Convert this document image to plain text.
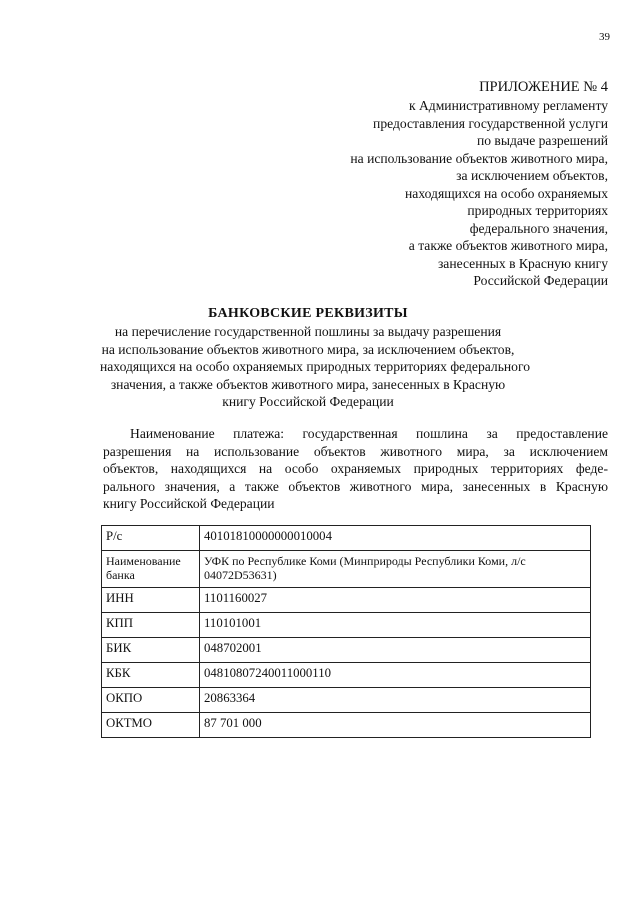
39
ПРИЛОЖЕНИЕ № 4
к Административному регламенту
предоставления государственной услуги
по выдаче разрешений
на использование объектов животного мира,
за исключением объектов,
находящихся на особо охраняемых
природных территориях
федерального значения,
а также объектов животного мира,
занесенных в Красную книгу
Российской Федерации
БАНКОВСКИЕ РЕКВИЗИТЫ
на перечисление государственной пошлины за выдачу разрешения
на использование объектов животного мира, за исключением объектов,
находящихся на особо охраняемых природных территориях федерального
значения, а также объектов животного мира, занесенных в Красную
книгу Российской Федерации
Наименование платежа: государственная пошлина за предоставление
разрешения на использование объектов животного мира, за исключением
объектов, находящихся на особо охраняемых природных территориях феде-
рального значения, а также объектов животного мира, занесенных в Красную
книгу Российской Федерации
Р/с	40101810000000010004

Наименование банка	УФК по Республике Коми (Минприроды Республики Коми, л/с 04072D53631)

ИНН	1101160027
КПП	110101001
БИК	048702001
КБК	04810807240011000110
ОКПО	20863364
ОКТМО	87 701 000
